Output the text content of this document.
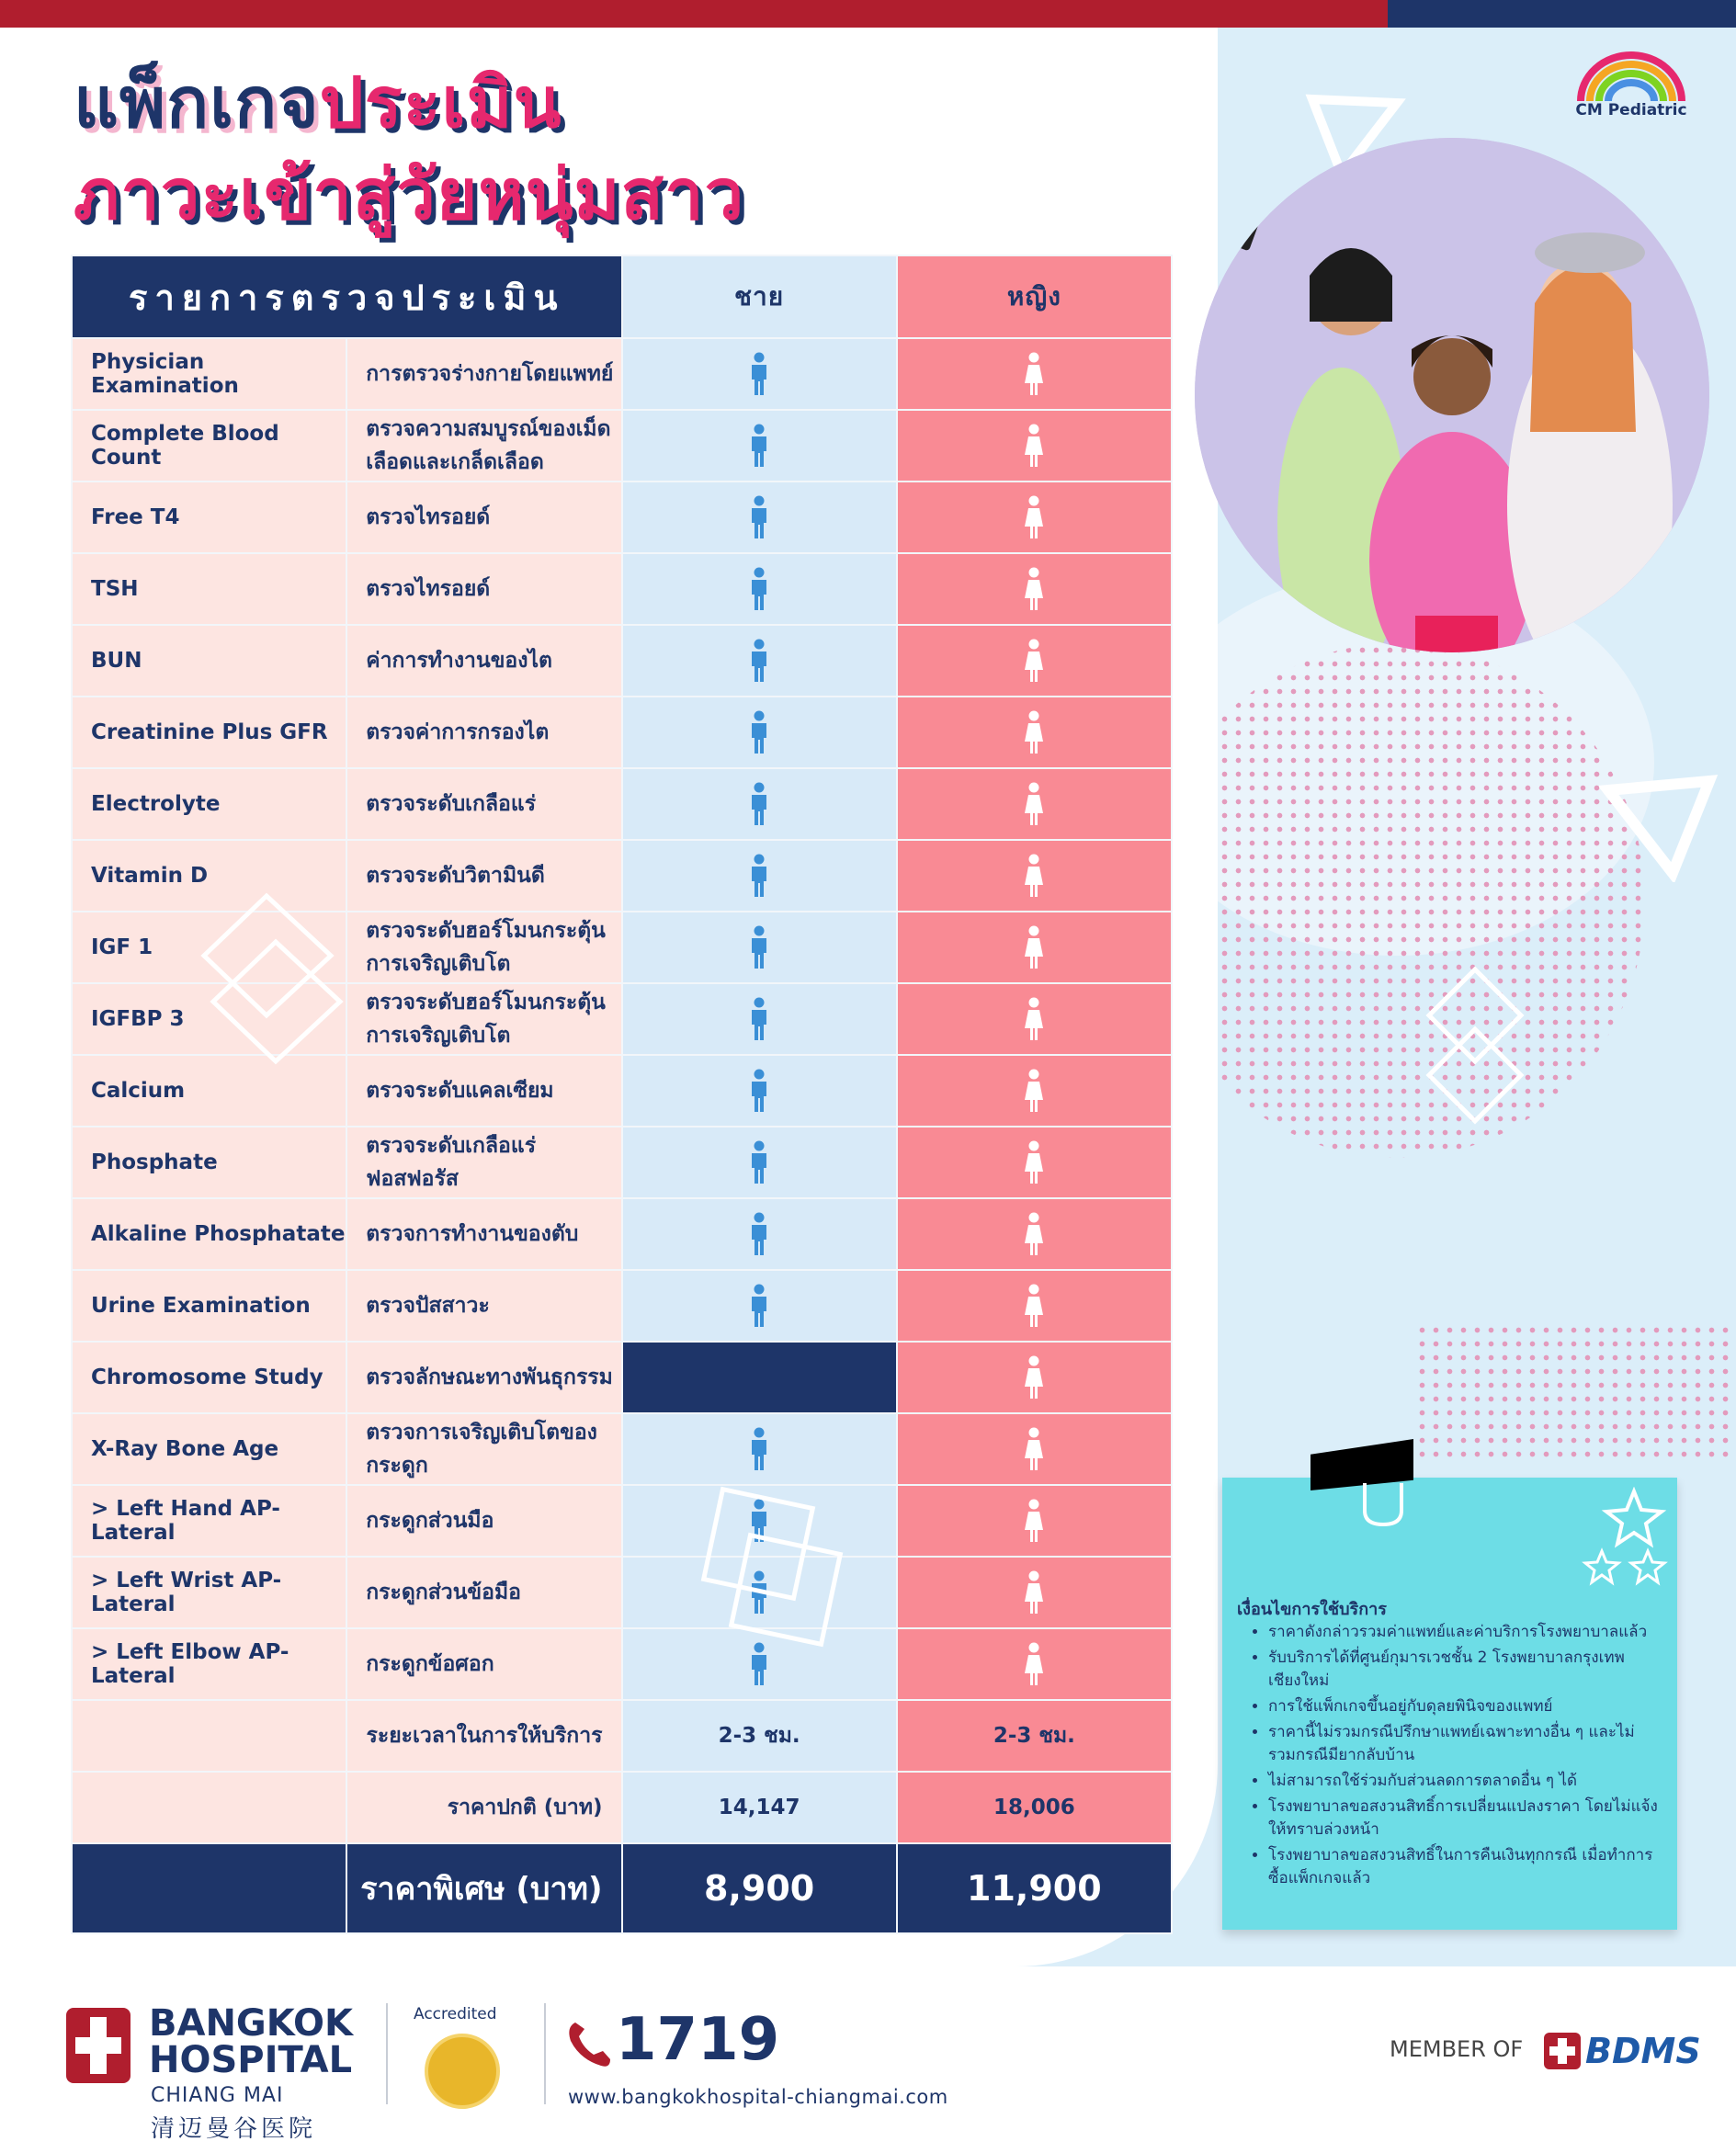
แพ็กเกจประเมิน
ภาวะเข้าสู่วัยหนุ่มสาว
CM Pediatric
รายการตรวจประเมิน		ชาย	หญิง
Physician Examination	การตรวจร่างกายโดยแพทย์		
Complete Blood Count	ตรวจความสมบูรณ์ของเม็ดเลือดและเกล็ดเลือด		
Free T4	ตรวจไทรอยด์		
TSH	ตรวจไทรอยด์		
BUN	ค่าการทำงานของไต		
Creatinine Plus GFR	ตรวจค่าการกรองไต		
Electrolyte	ตรวจระดับเกลือแร่		
Vitamin D	ตรวจระดับวิตามินดี		
IGF 1	ตรวจระดับฮอร์โมนกระตุ้นการเจริญเติบโต		
IGFBP 3	ตรวจระดับฮอร์โมนกระตุ้นการเจริญเติบโต		
Calcium	ตรวจระดับแคลเซียม		
Phosphate	ตรวจระดับเกลือแร่ฟอสฟอรัส		
Alkaline Phosphatate	ตรวจการทำงานของตับ		
Urine Examination	ตรวจปัสสาวะ		
Chromosome Study	ตรวจลักษณะทางพันธุกรรม		
X-Ray Bone Age	ตรวจการเจริญเติบโตของกระดูก		
> Left Hand AP-Lateral	กระดูกส่วนมือ		
> Left Wrist AP-Lateral	กระดูกส่วนข้อมือ		
> Left Elbow AP-Lateral	กระดูกข้อศอก		
	ระยะเวลาในการให้บริการ	2-3 ชม.	2-3 ชม.
	ราคาปกติ (บาท)	14,147	18,006
	ราคาพิเศษ (บาท)	8,900	11,900
เงื่อนไขการใช้บริการ
• ราคาดังกล่าวรวมค่าแพทย์และค่าบริการโรงพยาบาลแล้ว
• รับบริการได้ที่ศูนย์กุมารเวชชั้น 2 โรงพยาบาลกรุงเทพเชียงใหม่
• การใช้แพ็กเกจขึ้นอยู่กับดุลยพินิจของแพทย์
• ราคานี้ไม่รวมกรณีปรึกษาแพทย์เฉพาะทางอื่น ๆ และไม่รวมกรณีมียากลับบ้าน
• ไม่สามารถใช้ร่วมกับส่วนลดการตลาดอื่น ๆ ได้
• โรงพยาบาลขอสงวนสิทธิ์การเปลี่ยนแปลงราคา โดยไม่แจ้งให้ทราบล่วงหน้า
• โรงพยาบาลขอสงวนสิทธิ์ในการคืนเงินทุกกรณี เมื่อทำการซื้อแพ็กเกจแล้ว
BANGKOK
HOSPITAL
CHIANG MAI
清迈曼谷医院
Accredited 1719
www.bangkokhospital-chiangmai.com
MEMBER OF BDMS
